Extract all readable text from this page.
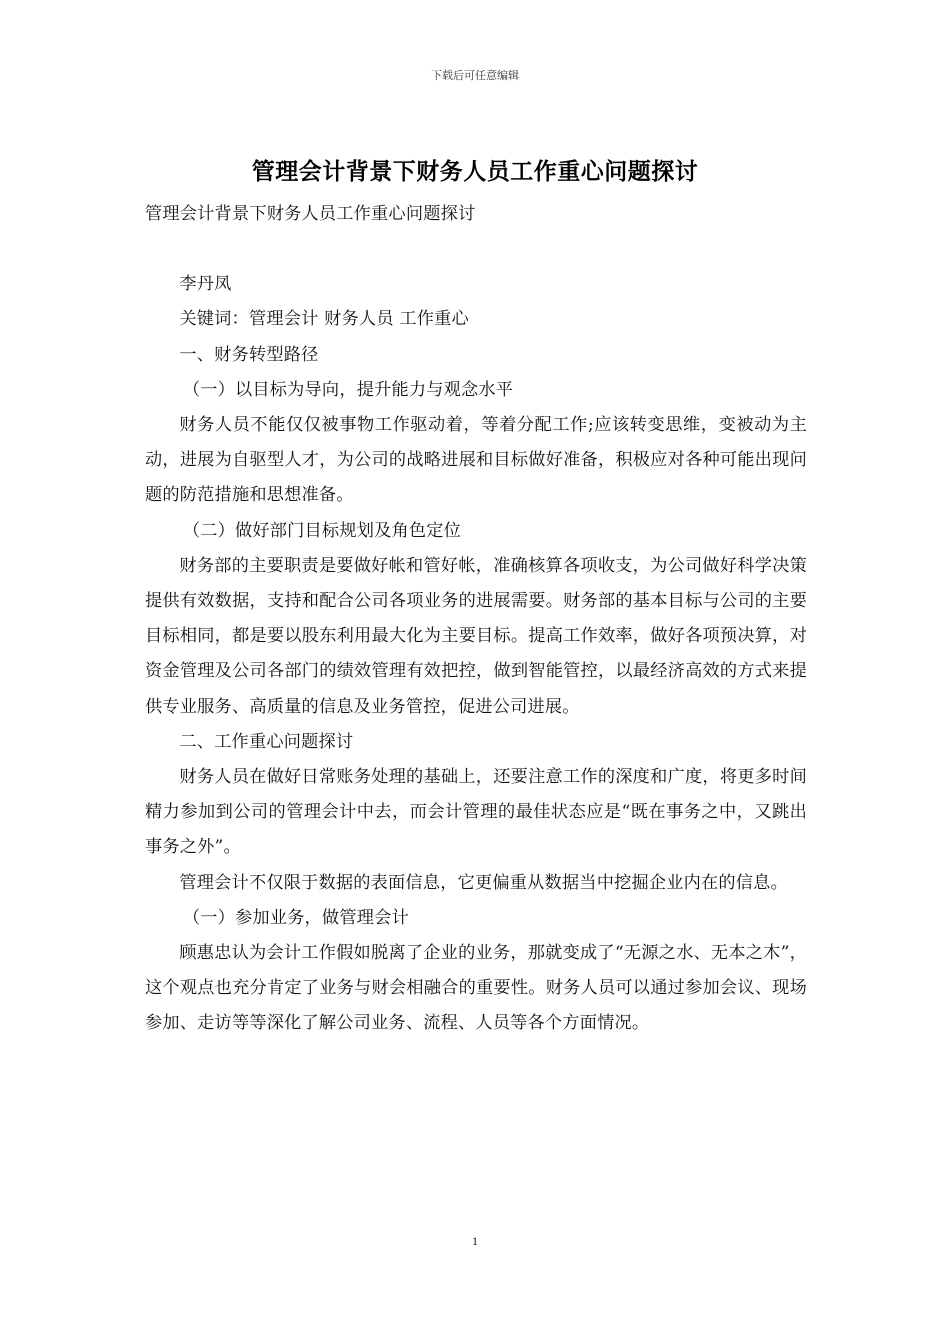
下载后可任意编辑
管理会计背景下财务人员工作重心问题探讨

管理会计背景下财务人员工作重心问题探讨

李丹凤

关键词：管理会计 财务人员 工作重心

一、财务转型路径

（一）以目标为导向，提升能力与观念水平

财务人员不能仅仅被事物工作驱动着，等着分配工作;应该转变思维，变被动为主动，进展为自驱型人才，为公司的战略进展和目标做好准备，积极应对各种可能出现问题的防范措施和思想准备。

（二）做好部门目标规划及角色定位

财务部的主要职责是要做好帐和管好帐，准确核算各项收支，为公司做好科学决策提供有效数据，支持和配合公司各项业务的进展需要。财务部的基本目标与公司的主要目标相同，都是要以股东利用最大化为主要目标。提高工作效率，做好各项预决算，对资金管理及公司各部门的绩效管理有效把控，做到智能管控，以最经济高效的方式来提供专业服务、高质量的信息及业务管控，促进公司进展。

二、工作重心问题探讨

财务人员在做好日常账务处理的基础上，还要注意工作的深度和广度，将更多时间精力参加到公司的管理会计中去，而会计管理的最佳状态应是“既在事务之中，又跳出事务之外”。

管理会计不仅限于数据的表面信息，它更偏重从数据当中挖掘企业内在的信息。

（一）参加业务，做管理会计

顾惠忠认为会计工作假如脱离了企业的业务，那就变成了“无源之水、无本之木”，这个观点也充分肯定了业务与财会相融合的重要性。财务人员可以通过参加会议、现场参加、走访等等深化了解公司业务、流程、人员等各个方面情况。

1
